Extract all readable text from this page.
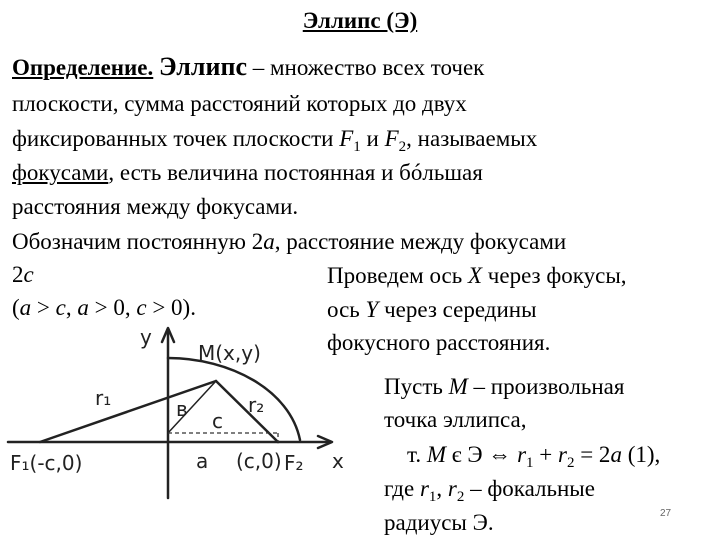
Эллипс (Э)
Определение. Эллипс – множество всех точек
плоскости, сумма расстояний которых до двух
фиксированных точек плоскости $F_1$ и $F_2$, называемых
фокусами, есть величина постоянная и бóльшая
расстояния между фокусами.
Обозначим постоянную 2a, расстояние между фокусами
2c
(a > c, a > 0, c > 0).
Проведем ось X через фокусы,
ось Y через середины
фокусного расстояния.
Пусть M – произвольная
точка эллипса,
т. M є Э ⇔ $r_1 + r_2 = 2a$ (1),
где $r_1$, $r_2$ – фокальные
радиусы Э.	27
y
x
M(x,y)
r₁	r₂
в c
a
F₁(-c,0)	(c,0) F₂
